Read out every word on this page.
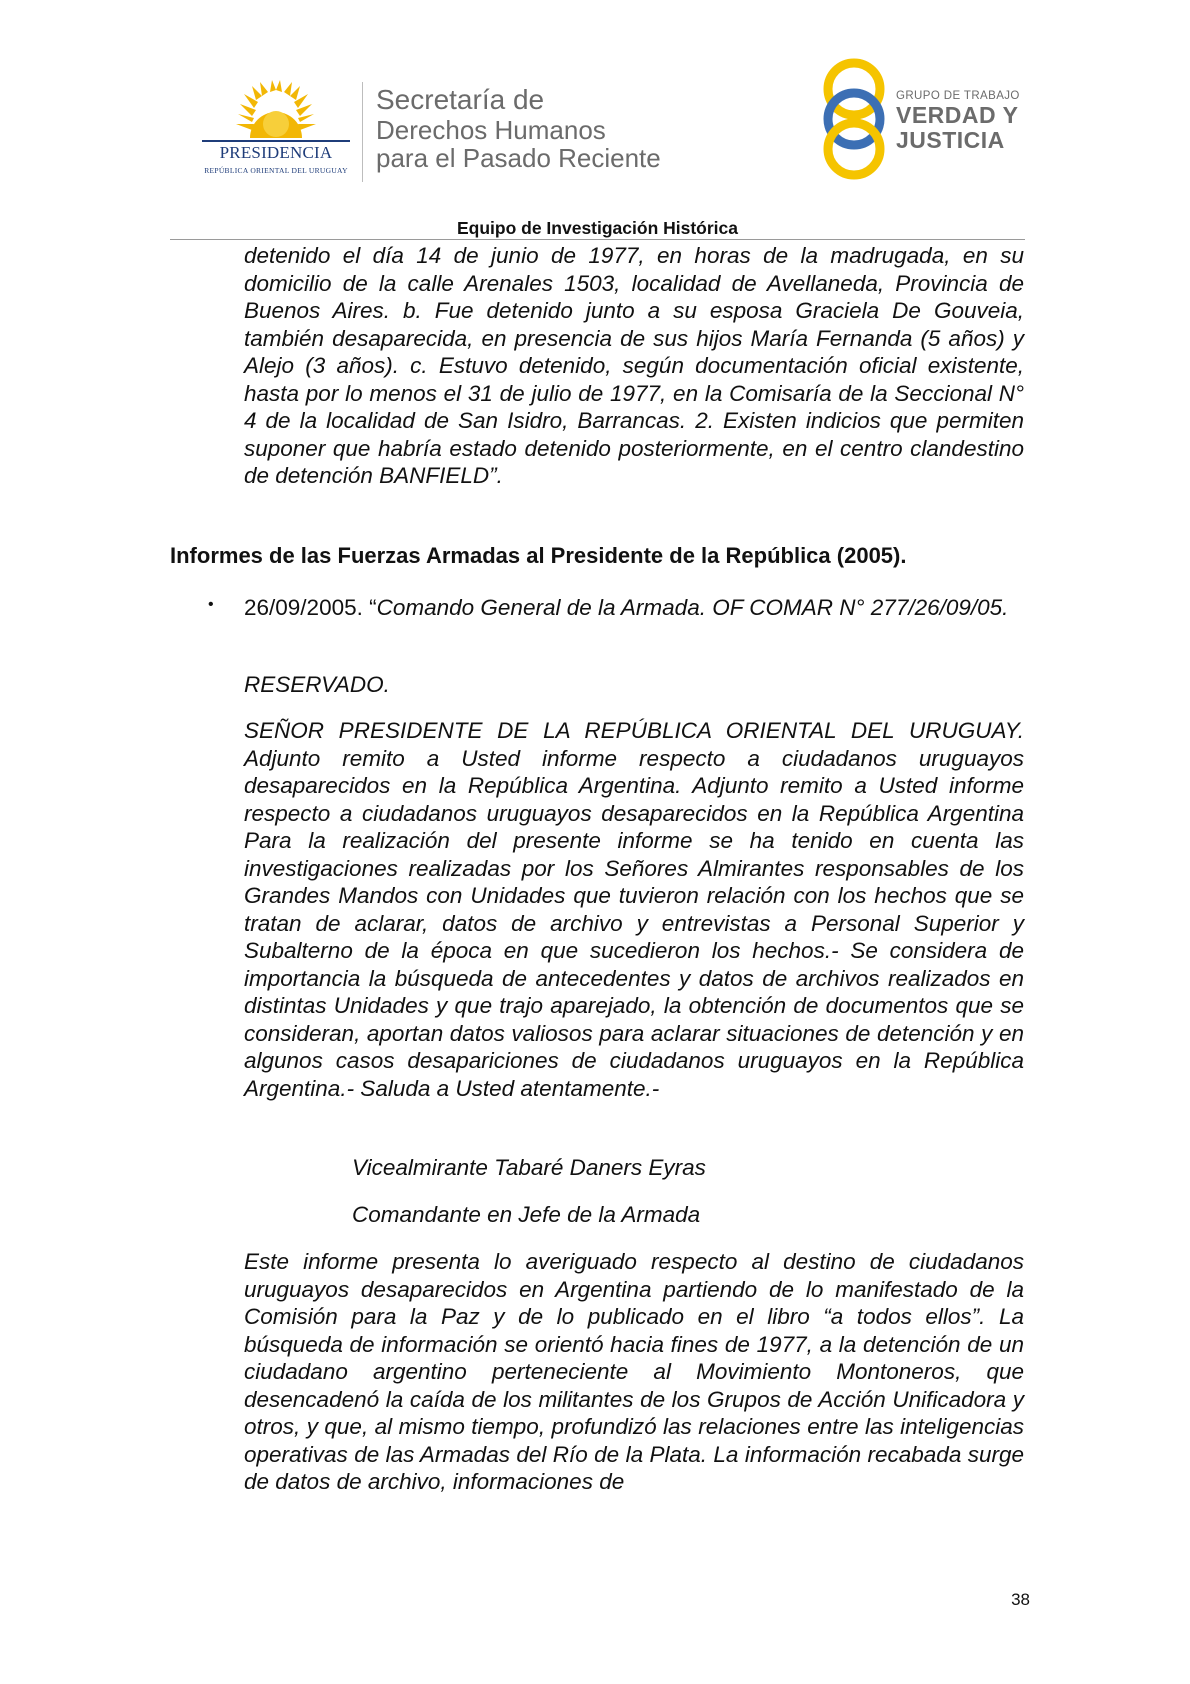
PRESIDENCIA
REPÚBLICA ORIENTAL DEL URUGUAY
Secretaría de
Derechos Humanos
para el Pasado Reciente
GRUPO DE TRABAJO
VERDAD Y
JUSTICIA
Equipo de Investigación Histórica
detenido el día 14 de junio de 1977, en horas de la madrugada, en su domicilio de la calle Arenales 1503, localidad de Avellaneda, Provincia de Buenos Aires. b. Fue detenido junto a su esposa Graciela De Gouveia, también desaparecida, en presencia de sus hijos María Fernanda (5 años) y Alejo (3 años). c. Estuvo detenido, según documentación oficial existente, hasta por lo menos el 31 de julio de 1977, en la Comisaría de la Seccional N° 4 de la localidad de San Isidro, Barrancas. 2. Existen indicios que permiten suponer que habría estado detenido posteriormente, en el centro clandestino de detención BANFIELD”.
Informes de las Fuerzas Armadas al Presidente de la República (2005).
• 26/09/2005. “Comando General de la Armada. OF COMAR N° 277/26/09/05.
RESERVADO.
SEÑOR PRESIDENTE DE LA REPÚBLICA ORIENTAL DEL URUGUAY. Adjunto remito a Usted informe respecto a ciudadanos uruguayos desaparecidos en la República Argentina. Adjunto remito a Usted informe respecto a ciudadanos uruguayos desaparecidos en la República Argentina Para la realización del presente informe se ha tenido en cuenta las investigaciones realizadas por los Señores Almirantes responsables de los Grandes Mandos con Unidades que tuvieron relación con los hechos que se tratan de aclarar, datos de archivo y entrevistas a Personal Superior y Subalterno de la época en que sucedieron los hechos.- Se considera de importancia la búsqueda de antecedentes y datos de archivos realizados en distintas Unidades y que trajo aparejado, la obtención de documentos que se consideran, aportan datos valiosos para aclarar situaciones de detención y en algunos casos desapariciones de ciudadanos uruguayos en la República Argentina.- Saluda a Usted atentamente.-
Vicealmirante Tabaré Daners Eyras
Comandante en Jefe de la Armada
Este informe presenta lo averiguado respecto al destino de ciudadanos uruguayos desaparecidos en Argentina partiendo de lo manifestado de la Comisión para la Paz y de lo publicado en el libro “a todos ellos”. La búsqueda de información se orientó hacia fines de 1977, a la detención de un ciudadano argentino perteneciente al Movimiento Montoneros, que desencadenó la caída de los militantes de los Grupos de Acción Unificadora y otros, y que, al mismo tiempo, profundizó las relaciones entre las inteligencias operativas de las Armadas del Río de la Plata. La información recabada surge de datos de archivo, informaciones de
38
